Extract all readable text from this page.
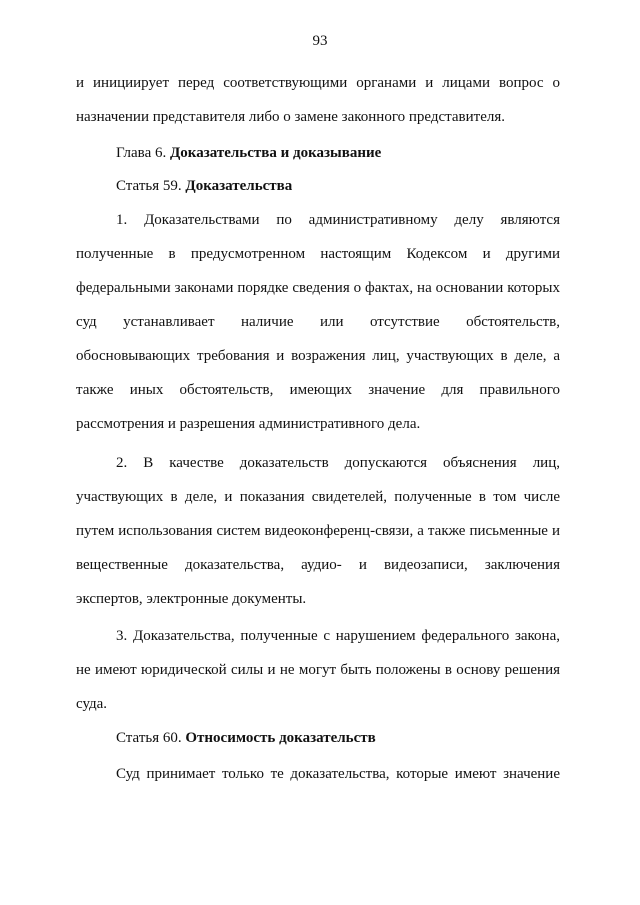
93
и инициирует перед соответствующими органами и лицами вопрос о
назначении представителя либо о замене законного представителя.
Глава 6. Доказательства и доказывание
Статья 59. Доказательства
1. Доказательствами по административному делу являются
полученные в предусмотренном настоящим Кодексом и другими
федеральными законами порядке сведения о фактах, на основании которых
суд устанавливает наличие или отсутствие обстоятельств,
обосновывающих требования и возражения лиц, участвующих в деле, а
также иных обстоятельств, имеющих значение для правильного
рассмотрения и разрешения административного дела.
2. В качестве доказательств допускаются объяснения лиц,
участвующих в деле, и показания свидетелей, полученные в том числе
путем использования систем видеоконференц-связи, а также письменные и
вещественные доказательства, аудио- и видеозаписи, заключения
экспертов, электронные документы.
3. Доказательства, полученные с нарушением федерального закона,
не имеют юридической силы и не могут быть положены в основу решения
суда.
Статья 60. Относимость доказательств
Суд принимает только те доказательства, которые имеют значение
